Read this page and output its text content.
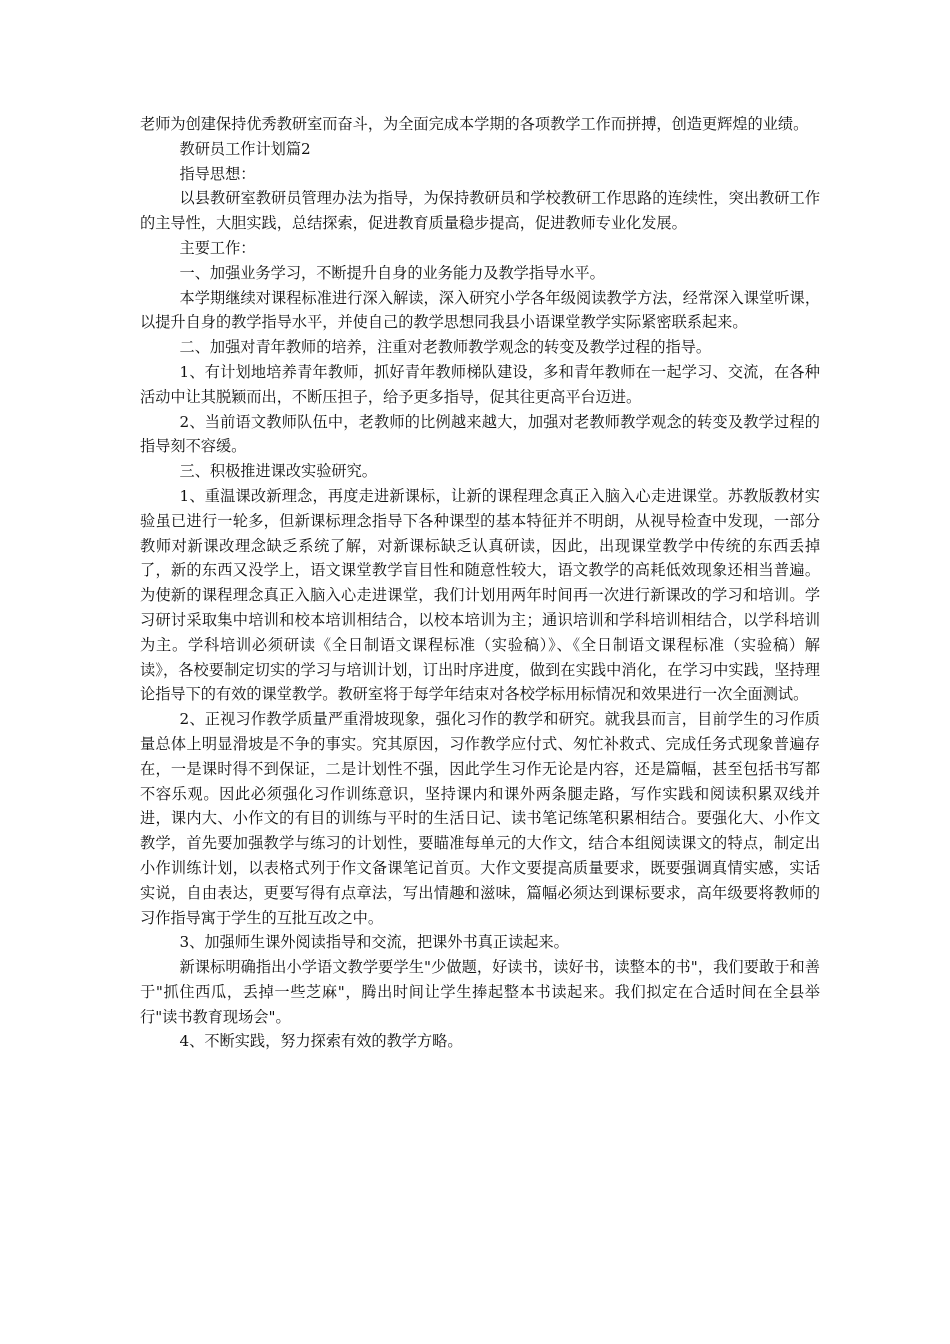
老师为创建保持优秀教研室而奋斗，为全面完成本学期的各项教学工作而拼搏，创造更辉煌的业绩。

教研员工作计划篇2

指导思想：

以县教研室教研员管理办法为指导，为保持教研员和学校教研工作思路的连续性，突出教研工作的主导性，大胆实践，总结探索，促进教育质量稳步提高，促进教师专业化发展。

主要工作：

一、加强业务学习，不断提升自身的业务能力及教学指导水平。

本学期继续对课程标准进行深入解读，深入研究小学各年级阅读教学方法，经常深入课堂听课，以提升自身的教学指导水平，并使自己的教学思想同我县小语课堂教学实际紧密联系起来。

二、加强对青年教师的培养，注重对老教师教学观念的转变及教学过程的指导。

1、有计划地培养青年教师，抓好青年教师梯队建设，多和青年教师在一起学习、交流，在各种活动中让其脱颖而出，不断压担子，给予更多指导，促其往更高平台迈进。

2、当前语文教师队伍中，老教师的比例越来越大，加强对老教师教学观念的转变及教学过程的指导刻不容缓。

三、积极推进课改实验研究。

1、重温课改新理念，再度走进新课标，让新的课程理念真正入脑入心走进课堂。苏教版教材实验虽已进行一轮多，但新课标理念指导下各种课型的基本特征并不明朗，从视导检查中发现，一部分教师对新课改理念缺乏系统了解，对新课标缺乏认真研读，因此，出现课堂教学中传统的东西丢掉了，新的东西又没学上，语文课堂教学盲目性和随意性较大，语文教学的高耗低效现象还相当普遍。为使新的课程理念真正入脑入心走进课堂，我们计划用两年时间再一次进行新课改的学习和培训。学习研讨采取集中培训和校本培训相结合，以校本培训为主；通识培训和学科培训相结合，以学科培训为主。学科培训必须研读《全日制语文课程标准（实验稿）》、《全日制语文课程标准（实验稿）解读》，各校要制定切实的学习与培训计划，订出时序进度，做到在实践中消化，在学习中实践，坚持理论指导下的有效的课堂教学。教研室将于每学年结束对各校学标用标情况和效果进行一次全面测试。

2、正视习作教学质量严重滑坡现象，强化习作的教学和研究。就我县而言，目前学生的习作质量总体上明显滑坡是不争的事实。究其原因，习作教学应付式、匆忙补救式、完成任务式现象普遍存在，一是课时得不到保证，二是计划性不强，因此学生习作无论是内容，还是篇幅，甚至包括书写都不容乐观。因此必须强化习作训练意识，坚持课内和课外两条腿走路，写作实践和阅读积累双线并进，课内大、小作文的有目的训练与平时的生活日记、读书笔记练笔积累相结合。要强化大、小作文教学，首先要加强教学与练习的计划性，要瞄准每单元的大作文，结合本组阅读课文的特点，制定出小作训练计划，以表格式列于作文备课笔记首页。大作文要提高质量要求，既要强调真情实感，实话实说，自由表达，更要写得有点章法，写出情趣和滋味，篇幅必须达到课标要求，高年级要将教师的习作指导寓于学生的互批互改之中。

3、加强师生课外阅读指导和交流，把课外书真正读起来。

新课标明确指出小学语文教学要学生"少做题，好读书，读好书，读整本的书"，我们要敢于和善于"抓住西瓜，丢掉一些芝麻"，腾出时间让学生捧起整本书读起来。我们拟定在合适时间在全县举行"读书教育现场会"。

4、不断实践，努力探索有效的教学方略。
